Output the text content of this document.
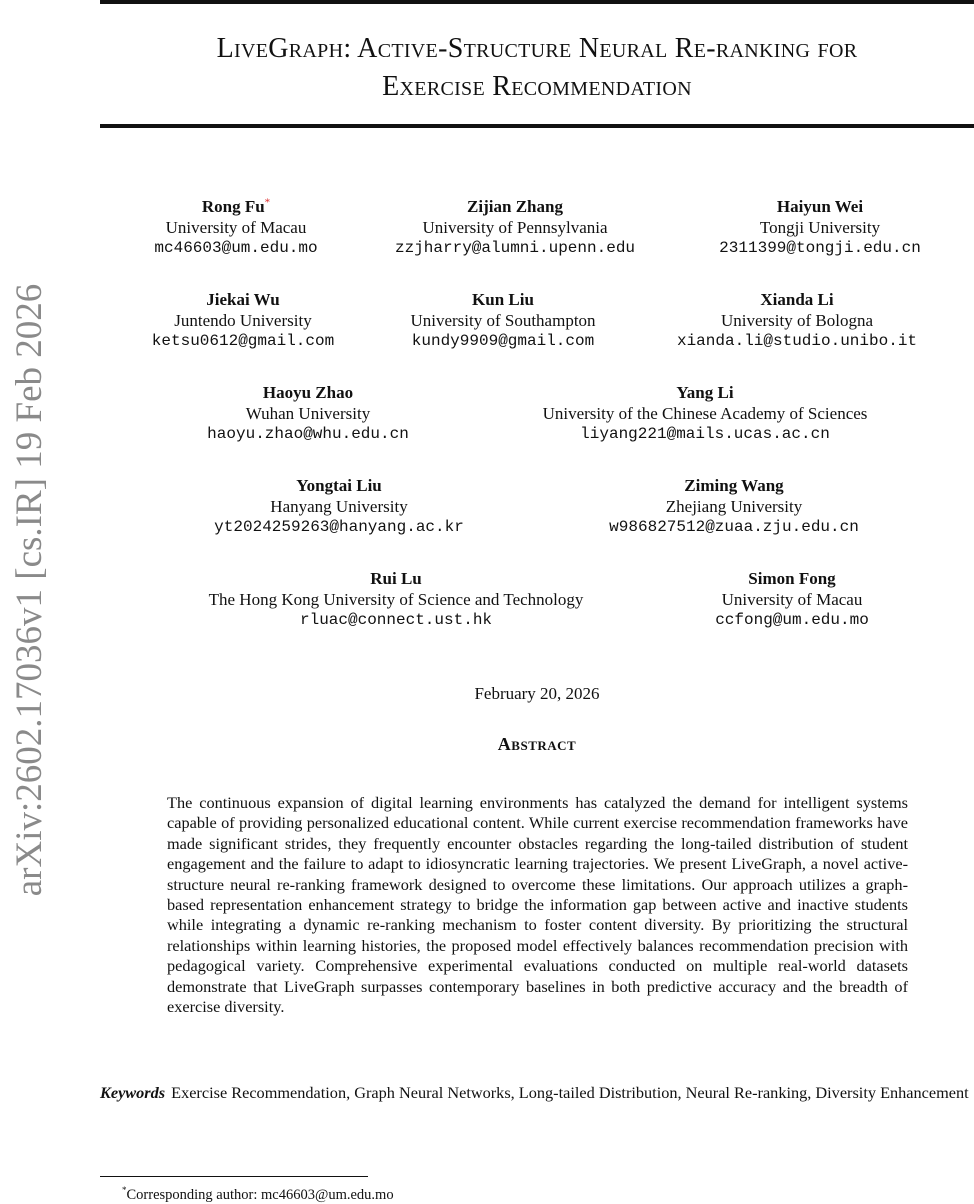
LiveGraph: Active-Structure Neural Re-ranking for
Exercise Recommendation
arXiv:2602.17036v1 [cs.IR] 19 Feb 2026
Rong Fu*
University of Macau
mc46603@um.edu.mo
Zijian Zhang
University of Pennsylvania
zzjharry@alumni.upenn.edu
Haiyun Wei
Tongji University
2311399@tongji.edu.cn
Jiekai Wu
Juntendo University
ketsu0612@gmail.com
Kun Liu
University of Southampton
kundy9909@gmail.com
Xianda Li
University of Bologna
xianda.li@studio.unibo.it
Haoyu Zhao
Wuhan University
haoyu.zhao@whu.edu.cn
Yang Li
University of the Chinese Academy of Sciences
liyang221@mails.ucas.ac.cn
Yongtai Liu
Hanyang University
yt2024259263@hanyang.ac.kr
Ziming Wang
Zhejiang University
w986827512@zuaa.zju.edu.cn
Rui Lu
The Hong Kong University of Science and Technology
rluac@connect.ust.hk
Simon Fong
University of Macau
ccfong@um.edu.mo
February 20, 2026
Abstract
The continuous expansion of digital learning environments has catalyzed the demand for intelligent systems capable of providing personalized educational content. While current exercise recommendation frameworks have made significant strides, they frequently encounter obstacles regarding the long-tailed distribution of student engagement and the failure to adapt to idiosyncratic learning trajectories. We present LiveGraph, a novel active-structure neural re-ranking framework designed to overcome these limitations. Our approach utilizes a graph-based representation enhancement strategy to bridge the information gap between active and inactive students while integrating a dynamic re-ranking mechanism to foster content diversity. By prioritizing the structural relationships within learning histories, the proposed model effectively balances recommendation precision with pedagogical variety. Comprehensive experimental evaluations conducted on multiple real-world datasets demonstrate that LiveGraph surpasses contemporary baselines in both predictive accuracy and the breadth of exercise diversity.
Keywords Exercise Recommendation, Graph Neural Networks, Long-tailed Distribution, Neural Re-ranking, Diversity Enhancement
*Corresponding author: mc46603@um.edu.mo
